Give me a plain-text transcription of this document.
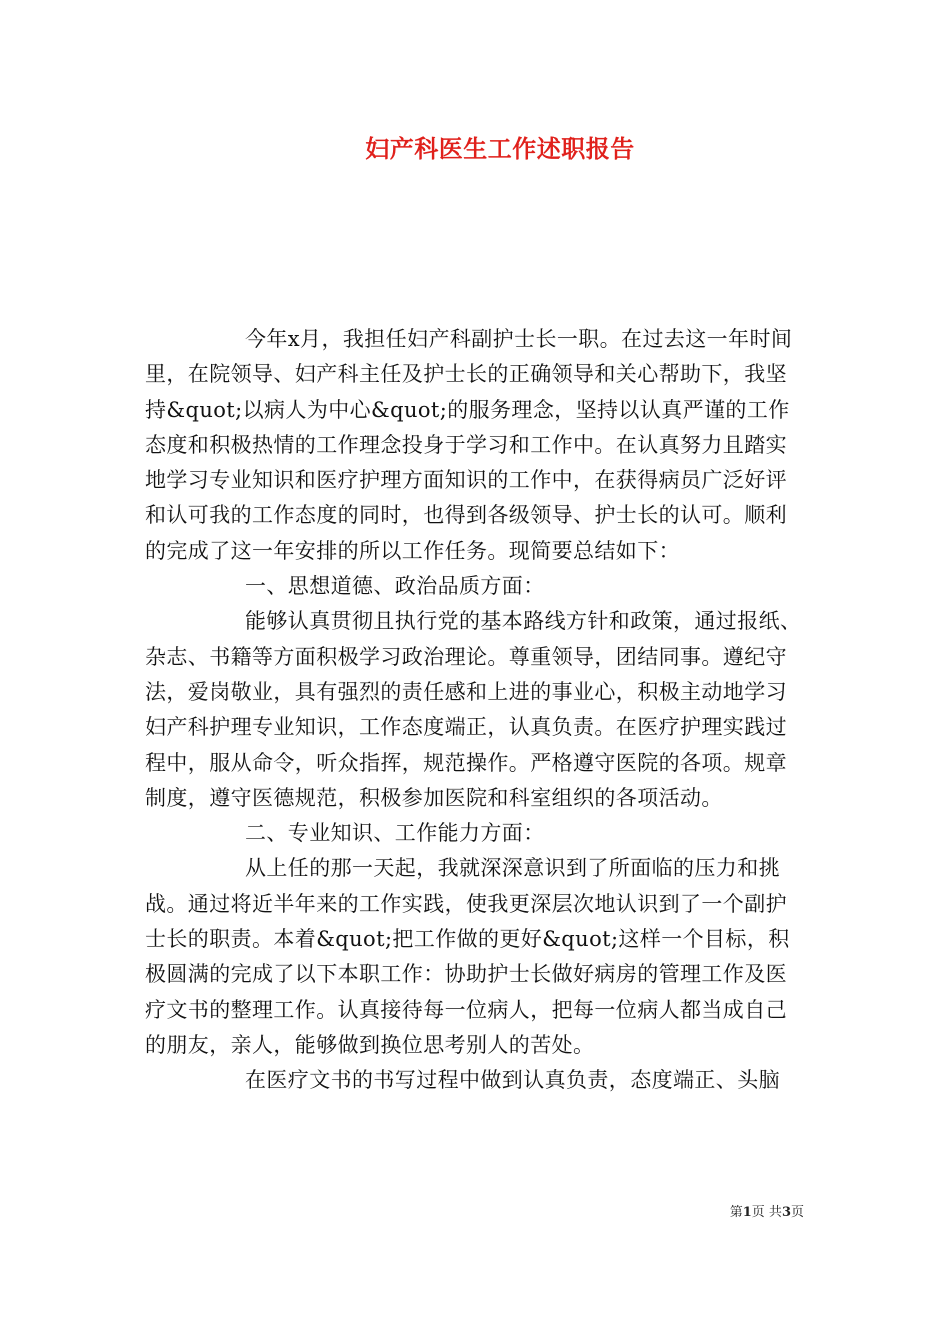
妇产科医生工作述职报告

今年x月，我担任妇产科副护士长一职。在过去这一年时间里，在院领导、妇产科主任及护士长的正确领导和关心帮助下，我坚持&quot;以病人为中心&quot;的服务理念，坚持以认真严谨的工作态度和积极热情的工作理念投身于学习和工作中。在认真努力且踏实地学习专业知识和医疗护理方面知识的工作中，在获得病员广泛好评和认可我的工作态度的同时，也得到各级领导、护士长的认可。顺利的完成了这一年安排的所以工作任务。现简要总结如下：

一、思想道德、政治品质方面：

能够认真贯彻且执行党的基本路线方针和政策，通过报纸、杂志、书籍等方面积极学习政治理论。尊重领导，团结同事。遵纪守法，爱岗敬业，具有强烈的责任感和上进的事业心，积极主动地学习妇产科护理专业知识，工作态度端正，认真负责。在医疗护理实践过程中，服从命令，听众指挥，规范操作。严格遵守医院的各项。规章制度，遵守医德规范，积极参加医院和科室组织的各项活动。

二、专业知识、工作能力方面：

从上任的那一天起，我就深深意识到了所面临的压力和挑战。通过将近半年来的工作实践，使我更深层次地认识到了一个副护士长的职责。本着&quot;把工作做的更好&quot;这样一个目标，积极圆满的完成了以下本职工作：协助护士长做好病房的管理工作及医疗文书的整理工作。认真接待每一位病人，把每一位病人都当成自己的朋友，亲人，能够做到换位思考别人的苦处。

在医疗文书的书写过程中做到认真负责，态度端正、头脑

第1页 共3页
